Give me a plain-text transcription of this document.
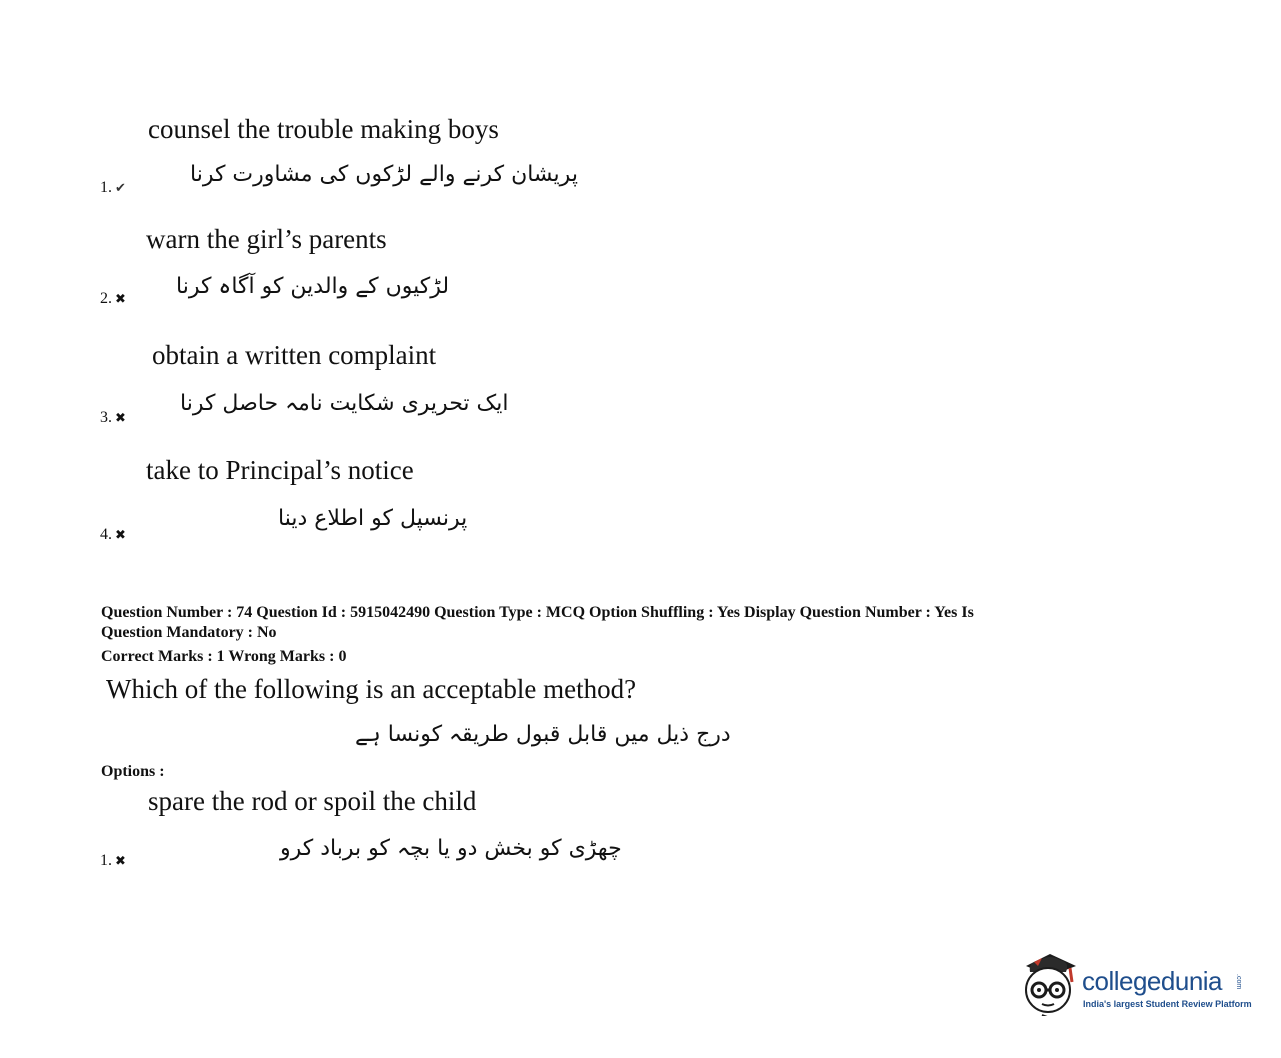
counsel the trouble making boys
پریشان کرنے والے لڑکوں کی مشاورت کرنا
1. ✔
warn the girl’s parents
لڑکیوں کے والدین کو آگاہ کرنا
2. ✖
obtain a written complaint
ایک تحریری شکایت نامہ حاصل کرنا
3. ✖
take to Principal’s notice
پرنسپل کو اطلاع دینا
4. ✖
Question Number : 74 Question Id : 5915042490 Question Type : MCQ Option Shuffling : Yes Display Question Number : Yes Is
Question Mandatory : No
Correct Marks : 1 Wrong Marks : 0
Which of the following is an acceptable method?
درج ذیل میں قابل قبول طریقہ کونسا ہے
Options :
spare the rod or spoil the child
چھڑی کو بخش دو یا بچہ کو برباد کرو
1. ✖
collegedunia .com
India's largest Student Review Platform
